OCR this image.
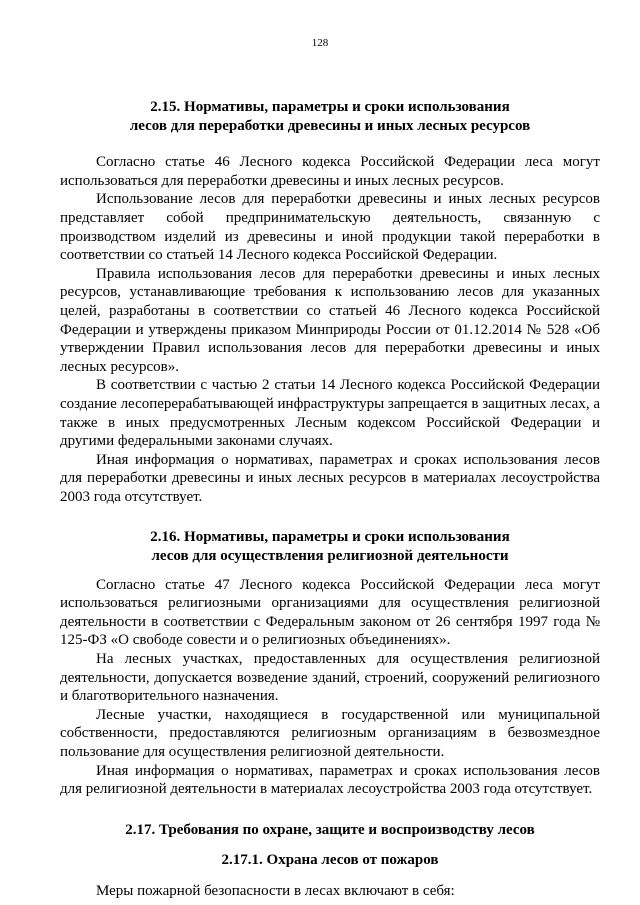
128
2.15. Нормативы, параметры и сроки использования
лесов для переработки древесины и иных лесных ресурсов

Согласно статье 46 Лесного кодекса Российской Федерации леса могут использоваться для переработки древесины и иных лесных ресурсов.

Использование лесов для переработки древесины и иных лесных ресурсов представляет собой предпринимательскую деятельность, связанную с производством изделий из древесины и иной продукции такой переработки в соответствии со статьей 14 Лесного кодекса Российской Федерации.

Правила использования лесов для переработки древесины и иных лесных ресурсов, устанавливающие требования к использованию лесов для указанных целей, разработаны в соответствии со статьей 46 Лесного кодекса Российской Федерации и утверждены приказом Минприроды России от 01.12.2014 № 528 «Об утверждении Правил использования лесов для переработки древесины и иных лесных ресурсов».

В соответствии с частью 2 статьи 14 Лесного кодекса Российской Федерации создание лесоперерабатывающей инфраструктуры запрещается в защитных лесах, а также в иных предусмотренных Лесным кодексом Российской Федерации и другими федеральными законами случаях.

Иная информация о нормативах, параметрах и сроках использования лесов для переработки древесины и иных лесных ресурсов в материалах лесоустройства 2003 года отсутствует.

2.16. Нормативы, параметры и сроки использования
лесов для осуществления религиозной деятельности

Согласно статье 47 Лесного кодекса Российской Федерации леса могут использоваться религиозными организациями для осуществления религиозной деятельности в соответствии с Федеральным законом от 26 сентября 1997 года № 125-ФЗ «О свободе совести и о религиозных объединениях».

На лесных участках, предоставленных для осуществления религиозной деятельности, допускается возведение зданий, строений, сооружений религиозного и благотворительного назначения.

Лесные участки, находящиеся в государственной или муниципальной собственности, предоставляются религиозным организациям в безвозмездное пользование для осуществления религиозной деятельности.

Иная информация о нормативах, параметрах и сроках использования лесов для религиозной деятельности в материалах лесоустройства 2003 года отсутствует.

2.17. Требования по охране, защите и воспроизводству лесов
2.17.1. Охрана лесов от пожаров

Меры пожарной безопасности в лесах включают в себя:
